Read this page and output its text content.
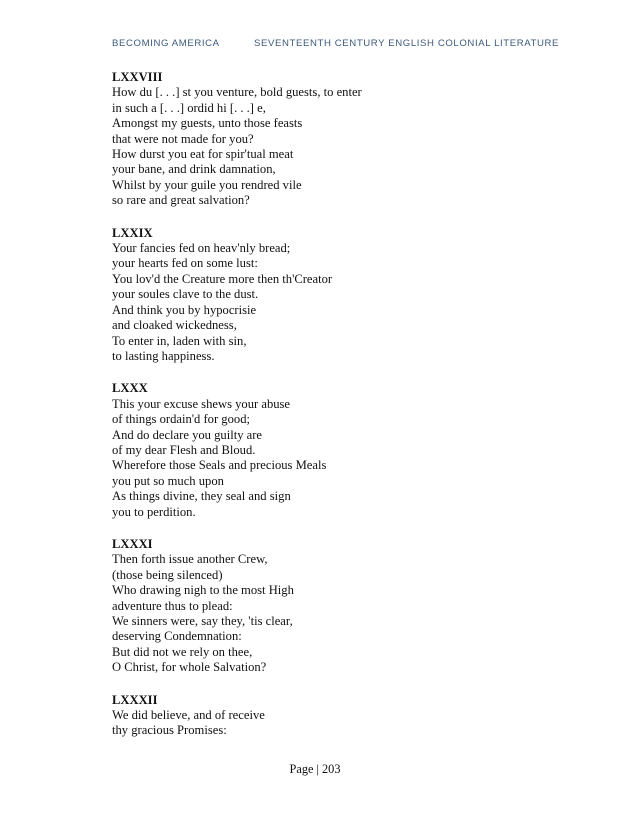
BECOMING AMERICA	SEVENTEENTH CENTURY ENGLISH COLONIAL LITERATURE
LXXVIII
How du [. . .] st you venture, bold guests, to enter
in such a [. . .] ordid hi [. . .] e,
Amongst my guests, unto those feasts
that were not made for you?
How durst you eat for spir'tual meat
your bane, and drink damnation,
Whilst by your guile you rendred vile
so rare and great salvation?
LXXIX
Your fancies fed on heav'nly bread;
your hearts fed on some lust:
You lov'd the Creature more then th'Creator
your soules clave to the dust.
And think you by hypocrisie
and cloaked wickedness,
To enter in, laden with sin,
to lasting happiness.
LXXX
This your excuse shews your abuse
of things ordain'd for good;
And do declare you guilty are
of my dear Flesh and Bloud.
Wherefore those Seals and precious Meals
you put so much upon
As things divine, they seal and sign
you to perdition.
LXXXI
Then forth issue another Crew,
(those being silenced)
Who drawing nigh to the most High
adventure thus to plead:
We sinners were, say they, 'tis clear,
deserving Condemnation:
But did not we rely on thee,
O Christ, for whole Salvation?
LXXXII
We did believe, and of receive
thy gracious Promises:
Page | 203
